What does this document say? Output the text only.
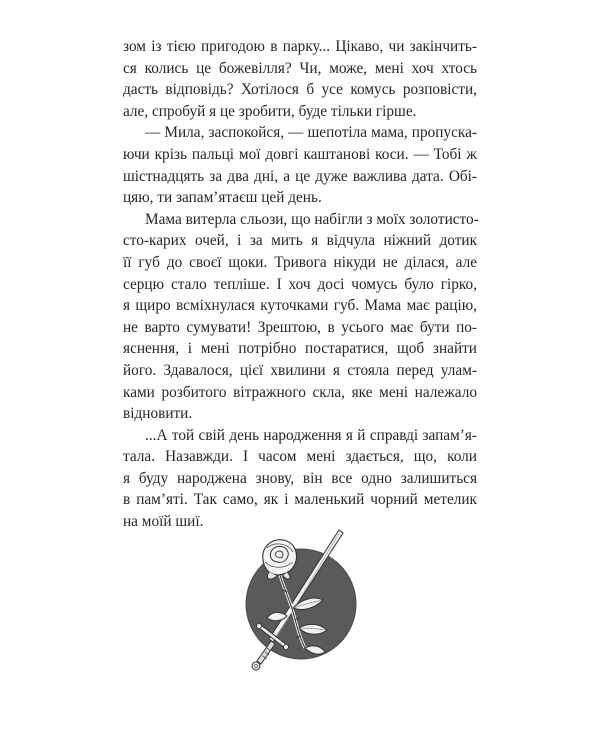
зом із тією пригодою в парку... Цікаво, чи закінчить-
ся колись це божевілля? Чи, може, мені хоч хтось
дасть відповідь? Хотілося б усе комусь розповісти,
але, спробуй я це зробити, буде тільки гірше.

— Мила, заспокойся, — шепотіла мама, пропуска-
ючи крізь пальці мої довгі каштанові коси. — Тобі ж
шістнадцять за два дні, а це дуже важлива дата. Обі-
цяю, ти запам’ятаєш цей день.

Мама витерла сльози, що набігли з моїх золотисто-
сто-карих очей, і за мить я відчула ніжний дотик
її губ до своєї щоки. Тривога нікуди не ділася, але
серцю стало тепліше. І хоч досі чомусь було гірко,
я щиро всміхнулася куточками губ. Мама має рацію,
не варто сумувати! Зрештою, в усього має бути по-
яснення, і мені потрібно постаратися, щоб знайти
його. Здавалося, цієї хвилини я стояла перед улам-
ками розбитого вітражного скла, яке мені належало
відновити.

...А той свій день народження я й справді запам’я-
тала. Назавжди. І часом мені здається, що, коли
я буду народжена знову, він все одно залишиться
в пам’яті. Так само, як і маленький чорний метелик
на моїй шиї.
